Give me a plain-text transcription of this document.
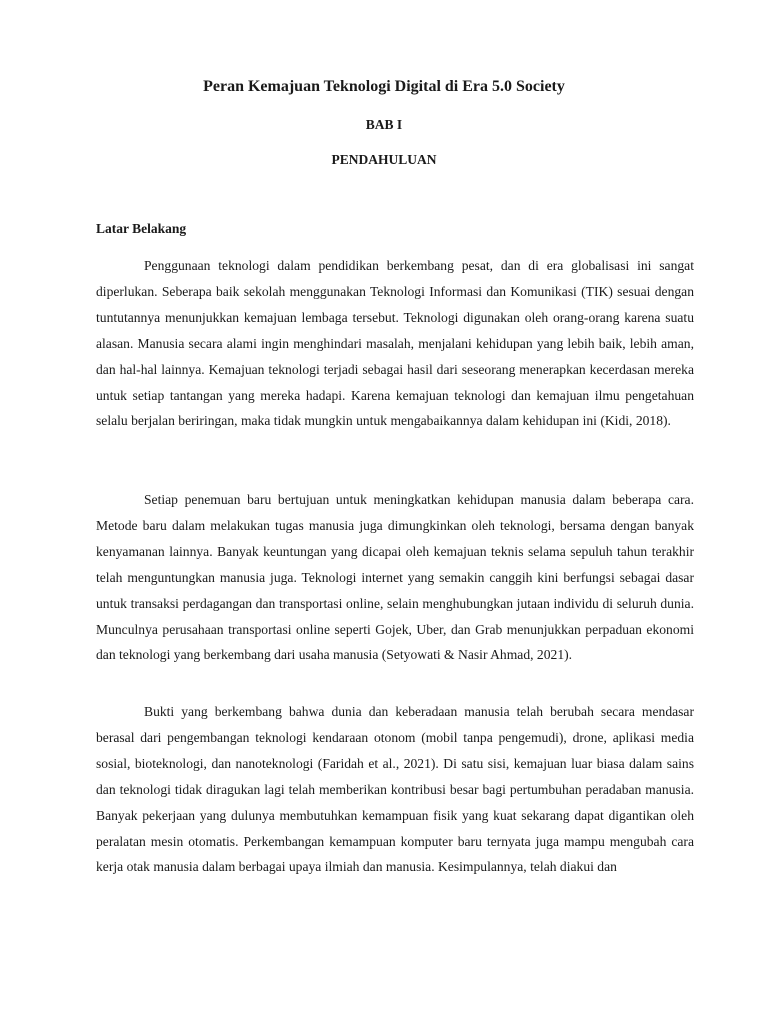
Peran Kemajuan Teknologi Digital di Era 5.0 Society
BAB I
PENDAHULUAN
Latar Belakang

Penggunaan teknologi dalam pendidikan berkembang pesat, dan di era globalisasi ini sangat diperlukan. Seberapa baik sekolah menggunakan Teknologi Informasi dan Komunikasi (TIK) sesuai dengan tuntutannya menunjukkan kemajuan lembaga tersebut. Teknologi digunakan oleh orang-orang karena suatu alasan. Manusia secara alami ingin menghindari masalah, menjalani kehidupan yang lebih baik, lebih aman, dan hal-hal lainnya. Kemajuan teknologi terjadi sebagai hasil dari seseorang menerapkan kecerdasan mereka untuk setiap tantangan yang mereka hadapi. Karena kemajuan teknologi dan kemajuan ilmu pengetahuan selalu berjalan beriringan, maka tidak mungkin untuk mengabaikannya dalam kehidupan ini (Kidi, 2018).

Setiap penemuan baru bertujuan untuk meningkatkan kehidupan manusia dalam beberapa cara. Metode baru dalam melakukan tugas manusia juga dimungkinkan oleh teknologi, bersama dengan banyak kenyamanan lainnya. Banyak keuntungan yang dicapai oleh kemajuan teknis selama sepuluh tahun terakhir telah menguntungkan manusia juga. Teknologi internet yang semakin canggih kini berfungsi sebagai dasar untuk transaksi perdagangan dan transportasi online, selain menghubungkan jutaan individu di seluruh dunia. Munculnya perusahaan transportasi online seperti Gojek, Uber, dan Grab menunjukkan perpaduan ekonomi dan teknologi yang berkembang dari usaha manusia (Setyowati & Nasir Ahmad, 2021).

Bukti yang berkembang bahwa dunia dan keberadaan manusia telah berubah secara mendasar berasal dari pengembangan teknologi kendaraan otonom (mobil tanpa pengemudi), drone, aplikasi media sosial, bioteknologi, dan nanoteknologi (Faridah et al., 2021). Di satu sisi, kemajuan luar biasa dalam sains dan teknologi tidak diragukan lagi telah memberikan kontribusi besar bagi pertumbuhan peradaban manusia. Banyak pekerjaan yang dulunya membutuhkan kemampuan fisik yang kuat sekarang dapat digantikan oleh peralatan mesin otomatis. Perkembangan kemampuan komputer baru ternyata juga mampu mengubah cara kerja otak manusia dalam berbagai upaya ilmiah dan manusia. Kesimpulannya, telah diakui dan
